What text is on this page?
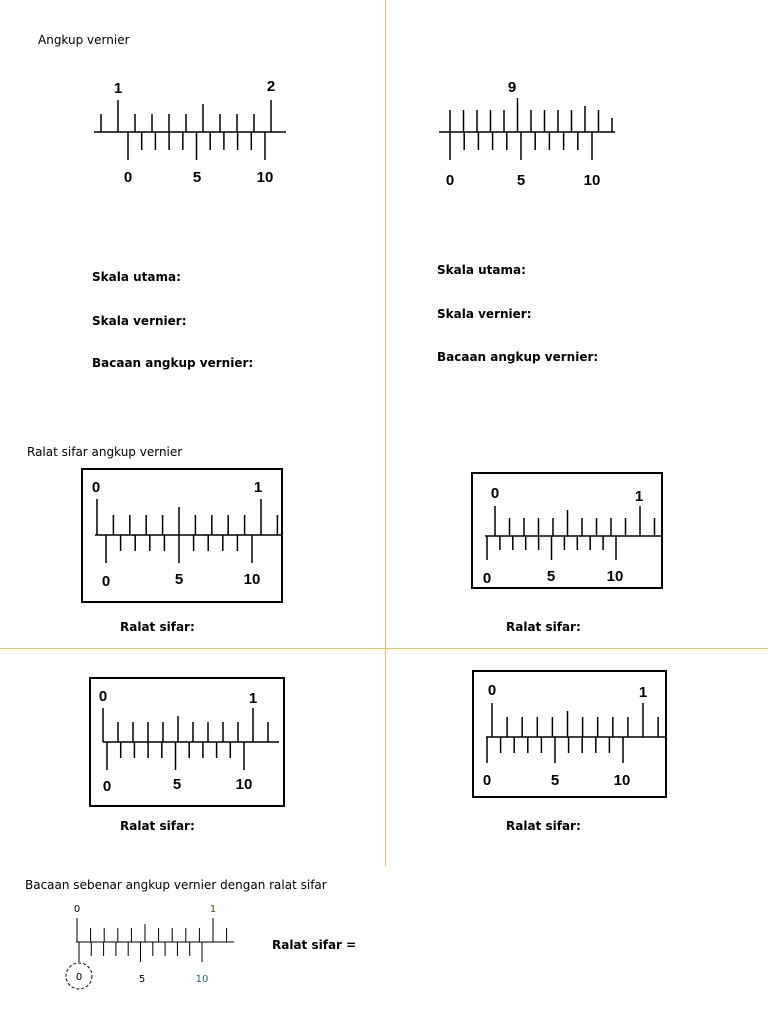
Angkup vernier
1	2
0	5	10
9
0	5	10
Skala utama:
Skala vernier:
Bacaan angkup vernier:
Skala utama:
Skala vernier:
Bacaan angkup vernier:
Ralat sifar angkup vernier
0	1
0	5	10
0	1
0	5	10
Ralat sifar:	Ralat sifar:
0	1
0	5	10
0	1
0	5	10
Ralat sifar:	Ralat sifar:
Bacaan sebenar angkup vernier dengan ralat sifar
0	1
0	5	10
Ralat sifar =
